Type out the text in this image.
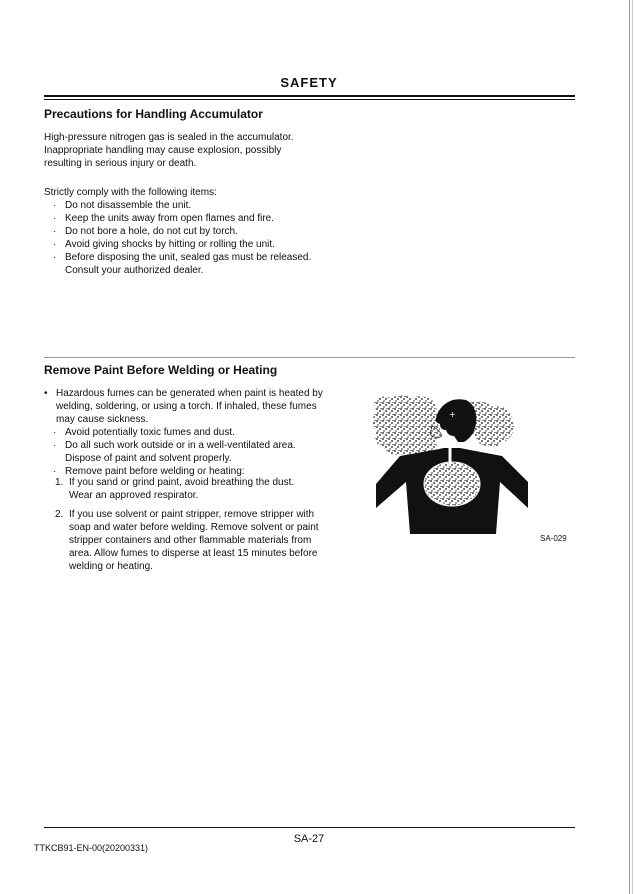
SAFETY
Precautions for Handling Accumulator
High-pressure nitrogen gas is sealed in the accumulator.
Inappropriate handling may cause explosion, possibly
resulting in serious injury or death.
Strictly comply with the following items:
· Do not disassemble the unit.
· Keep the units away from open flames and fire.
· Do not bore a hole, do not cut by torch.
· Avoid giving shocks by hitting or rolling the unit.
· Before disposing the unit, sealed gas must be released.
Consult your authorized dealer.
Remove Paint Before Welding or Heating
• Hazardous fumes can be generated when paint is heated by
welding, soldering, or using a torch. If inhaled, these fumes
may cause sickness.
· Avoid potentially toxic fumes and dust.
· Do all such work outside or in a well-ventilated area.
Dispose of paint and solvent properly.
· Remove paint before welding or heating:
1. If you sand or grind paint, avoid breathing the dust.
Wear an approved respirator.
2. If you use solvent or paint stripper, remove stripper with
soap and water before welding. Remove solvent or paint
stripper containers and other flammable materials from
area. Allow fumes to disperse at least 15 minutes before
welding or heating.
+
SA-029
SA-27
TTKCB91-EN-00(20200331)
